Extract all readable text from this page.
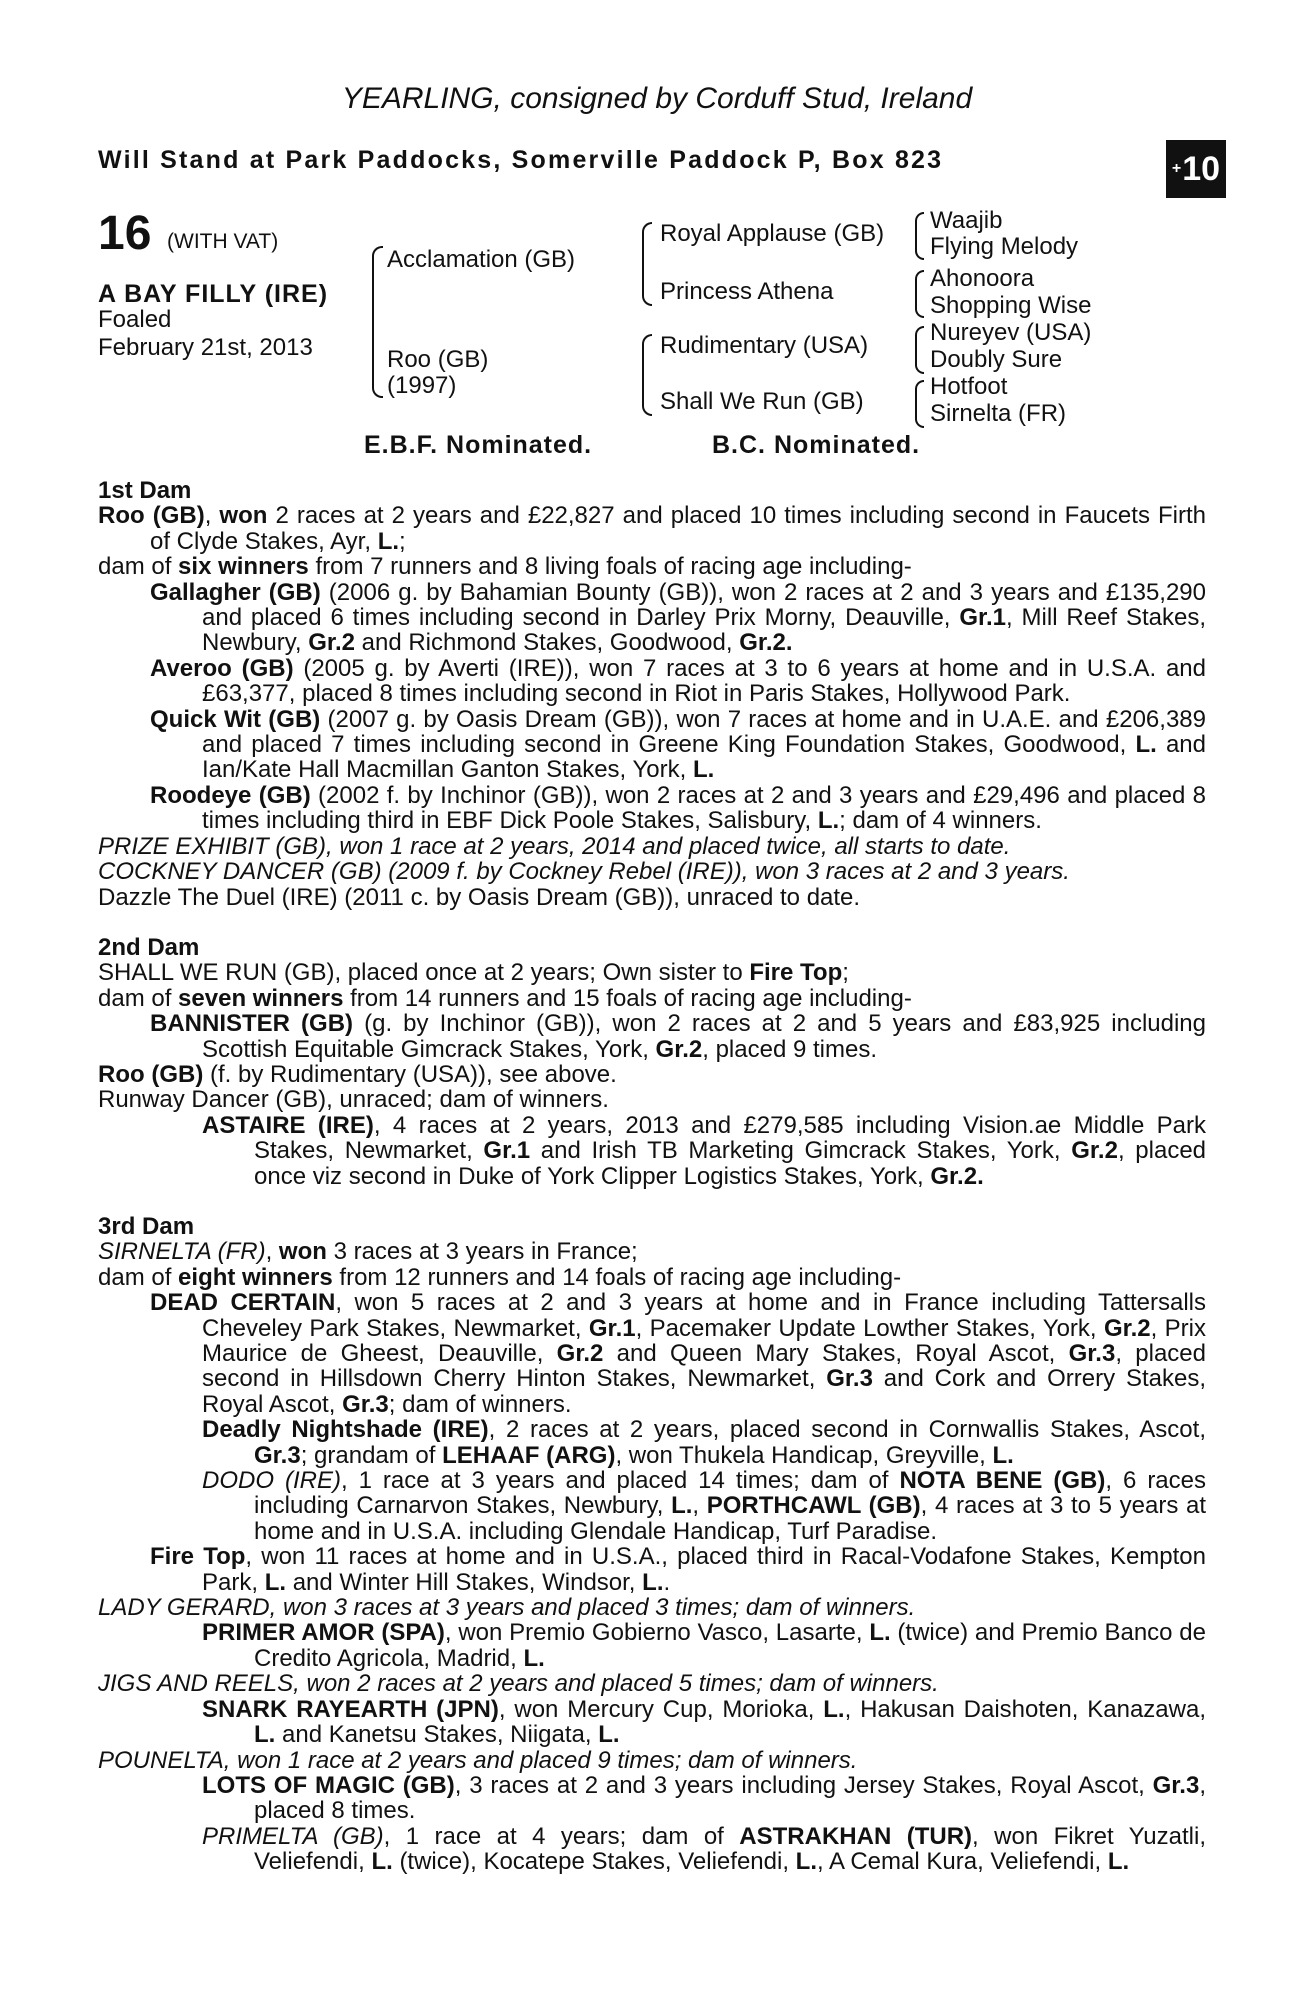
YEARLING, consigned by Corduff Stud, Ireland
Will Stand at Park Paddocks, Somerville Paddock P, Box 823	+ 10
16 (WITH VAT)
A BAY FILLY (IRE)
Foaled
February 21st, 2013
Acclamation (GB)
Roo (GB)
(1997)
Royal Applause (GB)
Princess Athena
Rudimentary (USA)
Shall We Run (GB)
Waajib
Flying Melody
Ahonoora
Shopping Wise
Nureyev (USA)
Doubly Sure
Hotfoot
Sirnelta (FR)
E.B.F. Nominated.	B.C. Nominated.

1st Dam

Roo (GB), won 2 races at 2 years and £22,827 and placed 10 times including second in Faucets Firth of Clyde Stakes, Ayr, L.;

dam of six winners from 7 runners and 8 living foals of racing age including-

Gallagher (GB) (2006 g. by Bahamian Bounty (GB)), won 2 races at 2 and 3 years and £135,290 and placed 6 times including second in Darley Prix Morny, Deauville, Gr.1, Mill Reef Stakes, Newbury, Gr.2 and Richmond Stakes, Goodwood, Gr.2.

Averoo (GB) (2005 g. by Averti (IRE)), won 7 races at 3 to 6 years at home and in U.S.A. and £63,377, placed 8 times including second in Riot in Paris Stakes, Hollywood Park.

Quick Wit (GB) (2007 g. by Oasis Dream (GB)), won 7 races at home and in U.A.E. and £206,389 and placed 7 times including second in Greene King Foundation Stakes, Goodwood, L. and Ian/Kate Hall Macmillan Ganton Stakes, York, L.

Roodeye (GB) (2002 f. by Inchinor (GB)), won 2 races at 2 and 3 years and £29,496 and placed 8 times including third in EBF Dick Poole Stakes, Salisbury, L.; dam of 4 winners.

PRIZE EXHIBIT (GB), won 1 race at 2 years, 2014 and placed twice, all starts to date.

COCKNEY DANCER (GB) (2009 f. by Cockney Rebel (IRE)), won 3 races at 2 and 3 years.

Dazzle The Duel (IRE) (2011 c. by Oasis Dream (GB)), unraced to date.

2nd Dam

SHALL WE RUN (GB), placed once at 2 years; Own sister to Fire Top;

dam of seven winners from 14 runners and 15 foals of racing age including-

BANNISTER (GB) (g. by Inchinor (GB)), won 2 races at 2 and 5 years and £83,925 including Scottish Equitable Gimcrack Stakes, York, Gr.2, placed 9 times.

Roo (GB) (f. by Rudimentary (USA)), see above.

Runway Dancer (GB), unraced; dam of winners.

ASTAIRE (IRE), 4 races at 2 years, 2013 and £279,585 including Vision.ae Middle Park Stakes, Newmarket, Gr.1 and Irish TB Marketing Gimcrack Stakes, York, Gr.2, placed once viz second in Duke of York Clipper Logistics Stakes, York, Gr.2.

3rd Dam

SIRNELTA (FR), won 3 races at 3 years in France;

dam of eight winners from 12 runners and 14 foals of racing age including-

DEAD CERTAIN, won 5 races at 2 and 3 years at home and in France including Tattersalls Cheveley Park Stakes, Newmarket, Gr.1, Pacemaker Update Lowther Stakes, York, Gr.2, Prix Maurice de Gheest, Deauville, Gr.2 and Queen Mary Stakes, Royal Ascot, Gr.3, placed second in Hillsdown Cherry Hinton Stakes, Newmarket, Gr.3 and Cork and Orrery Stakes, Royal Ascot, Gr.3; dam of winners.

Deadly Nightshade (IRE), 2 races at 2 years, placed second in Cornwallis Stakes, Ascot, Gr.3; grandam of LEHAAF (ARG), won Thukela Handicap, Greyville, L.

DODO (IRE), 1 race at 3 years and placed 14 times; dam of NOTA BENE (GB), 6 races including Carnarvon Stakes, Newbury, L., PORTHCAWL (GB), 4 races at 3 to 5 years at home and in U.S.A. including Glendale Handicap, Turf Paradise.

Fire Top, won 11 races at home and in U.S.A., placed third in Racal-Vodafone Stakes, Kempton Park, L. and Winter Hill Stakes, Windsor, L..

LADY GERARD, won 3 races at 3 years and placed 3 times; dam of winners.

PRIMER AMOR (SPA), won Premio Gobierno Vasco, Lasarte, L. (twice) and Premio Banco de Credito Agricola, Madrid, L.

JIGS AND REELS, won 2 races at 2 years and placed 5 times; dam of winners.

SNARK RAYEARTH (JPN), won Mercury Cup, Morioka, L., Hakusan Daishoten, Kanazawa, L. and Kanetsu Stakes, Niigata, L.

POUNELTA, won 1 race at 2 years and placed 9 times; dam of winners.

LOTS OF MAGIC (GB), 3 races at 2 and 3 years including Jersey Stakes, Royal Ascot, Gr.3, placed 8 times.

PRIMELTA (GB), 1 race at 4 years; dam of ASTRAKHAN (TUR), won Fikret Yuzatli, Veliefendi, L. (twice), Kocatepe Stakes, Veliefendi, L., A Cemal Kura, Veliefendi, L.
